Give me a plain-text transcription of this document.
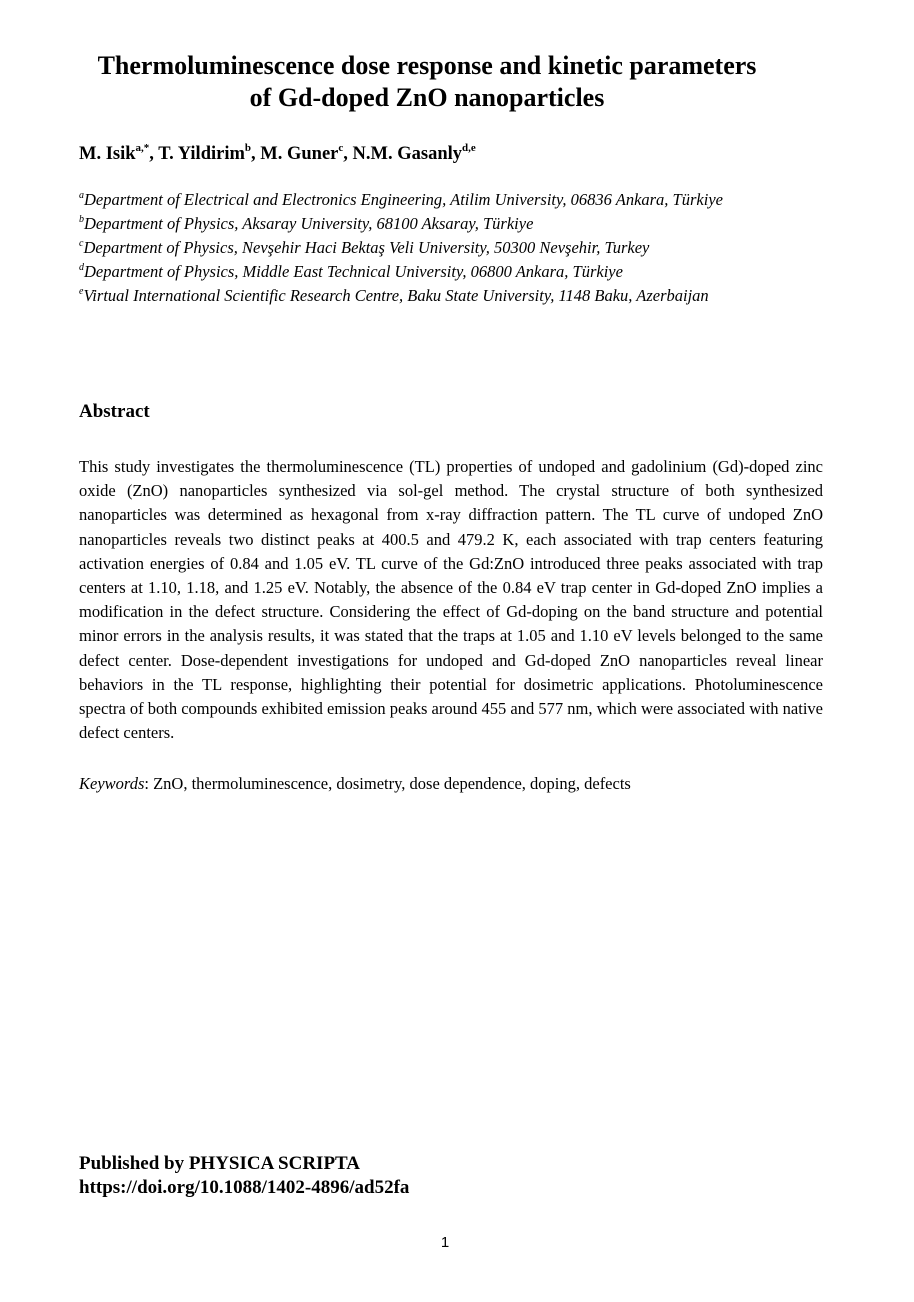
Thermoluminescence dose response and kinetic parameters
of Gd-doped ZnO nanoparticles
M. Isik$^{a,*}$, T. Yildirim$^b$, M. Guner$^c$, N.M. Gasanly$^{d,e}$
$^a$Department of Electrical and Electronics Engineering, Atilim University, 06836 Ankara, Türkiye
$^b$Department of Physics, Aksaray University, 68100 Aksaray, Türkiye
$^c$Department of Physics, Nevşehir Haci Bektaş Veli University, 50300 Nevşehir, Turkey
$^d$Department of Physics, Middle East Technical University, 06800 Ankara, Türkiye
$^e$Virtual International Scientific Research Centre, Baku State University, 1148 Baku, Azerbaijan
Abstract

This study investigates the thermoluminescence (TL) properties of undoped and gadolinium (Gd)-doped zinc oxide (ZnO) nanoparticles synthesized via sol-gel method. The crystal structure of both synthesized nanoparticles was determined as hexagonal from x-ray diffraction pattern. The TL curve of undoped ZnO nanoparticles reveals two distinct peaks at 400.5 and 479.2 K, each associated with trap centers featuring activation energies of 0.84 and 1.05 eV. TL curve of the Gd:ZnO introduced three peaks associated with trap centers at 1.10, 1.18, and 1.25 eV. Notably, the absence of the 0.84 eV trap center in Gd-doped ZnO implies a modification in the defect structure. Considering the effect of Gd-doping on the band structure and potential minor errors in the analysis results, it was stated that the traps at 1.05 and 1.10 eV levels belonged to the same defect center. Dose-dependent investigations for undoped and Gd-doped ZnO nanoparticles reveal linear behaviors in the TL response, highlighting their potential for dosimetric applications. Photoluminescence spectra of both compounds exhibited emission peaks around 455 and 577 nm, which were associated with native defect centers.

Keywords: ZnO, thermoluminescence, dosimetry, dose dependence, doping, defects

Published by PHYSICA SCRIPTA
https://doi.org/10.1088/1402-4896/ad52fa
1
